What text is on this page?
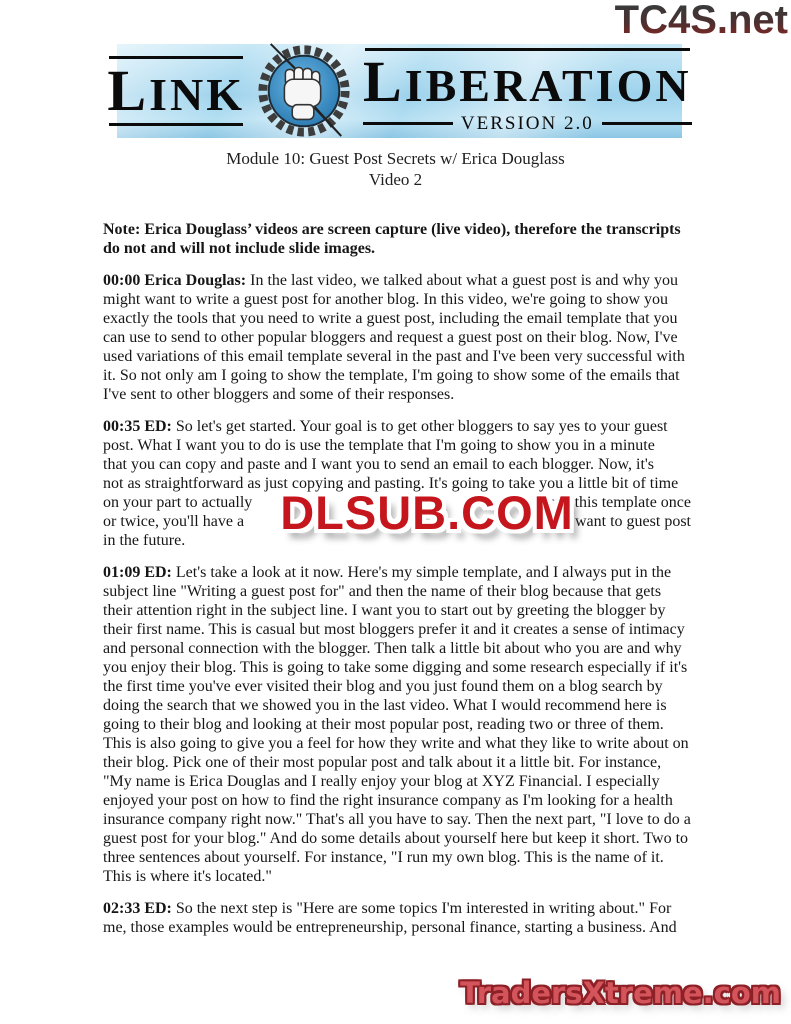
TC4S.net
LINK	LIBERATION
VERSION 2.0
Module 10: Guest Post Secrets w/ Erica Douglass
Video 2

Note: Erica Douglass’ videos are screen capture (live video), therefore the transcripts do not and will not include slide images.

00:00 Erica Douglas: In the last video, we talked about what a guest post is and why you might want to write a guest post for another blog. In this video, we're going to show you exactly the tools that you need to write a guest post, including the email template that you can use to send to other popular bloggers and request a guest post on their blog. Now, I've used variations of this email template several in the past and I've been very successful with it. So not only am I going to show the template, I'm going to show some of the emails that I've sent to other bloggers and some of their responses.
00:35 ED: So let's get started. Your goal is to get other bloggers to say yes to your guest
post. What I want you to do is use the template that I'm going to show you in a minute
that you can copy and paste and I want you to send an email to each blogger. Now, it's
not as straightforward as just copying and pasting. It's going to take you a little bit of time
on your part to actually	used this template once
or twice, you'll have a	you want to guest post
in the future.
DLSUB.COM
01:09 ED: Let's take a look at it now. Here's my simple template, and I always put in the subject line "Writing a guest post for" and then the name of their blog because that gets their attention right in the subject line. I want you to start out by greeting the blogger by their first name. This is casual but most bloggers prefer it and it creates a sense of intimacy and personal connection with the blogger. Then talk a little bit about who you are and why you enjoy their blog. This is going to take some digging and some research especially if it's the first time you've ever visited their blog and you just found them on a blog search by doing the search that we showed you in the last video. What I would recommend here is going to their blog and looking at their most popular post, reading two or three of them. This is also going to give you a feel for how they write and what they like to write about on their blog. Pick one of their most popular post and talk about it a little bit. For instance, "My name is Erica Douglas and I really enjoy your blog at XYZ Financial. I especially enjoyed your post on how to find the right insurance company as I'm looking for a health insurance company right now." That's all you have to say. Then the next part, "I love to do a guest post for your blog." And do some details about yourself here but keep it short. Two to three sentences about yourself. For instance, "I run my own blog. This is the name of it. This is where it's located."
02:33 ED: So the next step is "Here are some topics I'm interested in writing about." For me, those examples would be entrepreneurship, personal finance, starting a business. And
TradersXtreme.com
